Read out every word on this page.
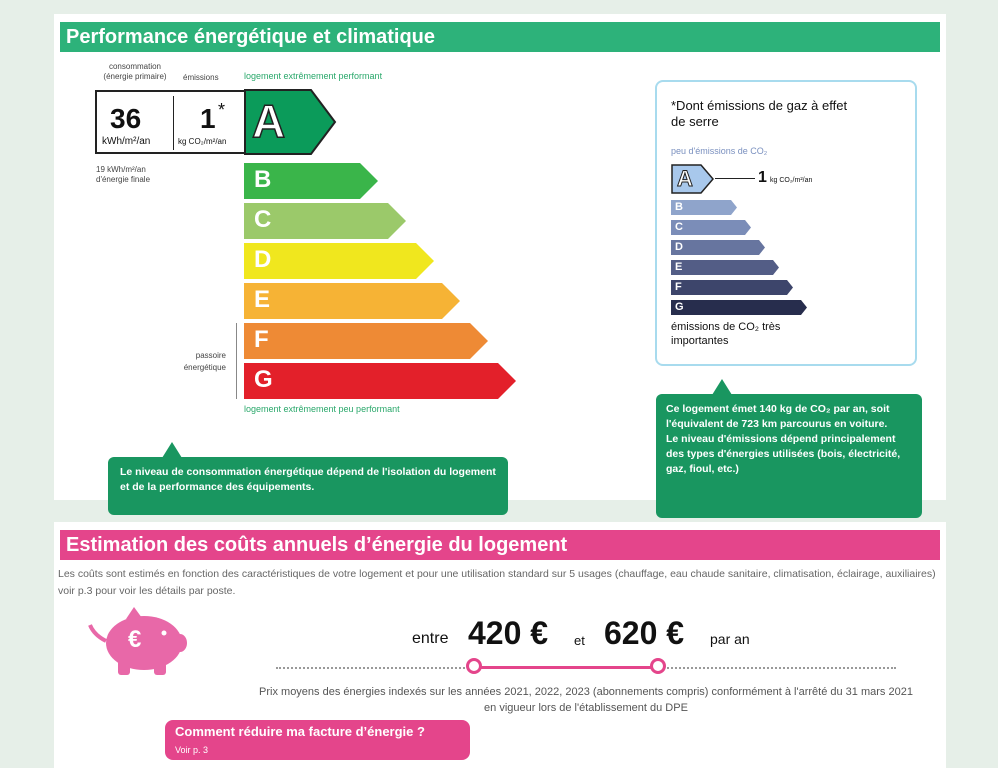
Performance énergétique et climatique
consommation (énergie primaire)	émissions	logement extrêmement performant
36
kWh/m²/an
1 *
kg CO₂/m²/an A
19 kWh/m²/an d'énergie finale	B
C
D
E
F
G
passoire énergétique
logement extrêmement peu performant
Le niveau de consommation énergétique dépend de l'isolation du logement et de la performance des équipements.
*Dont émissions de gaz à effet de serre
peu d'émissions de CO₂
A	1 kg CO₂/m²/an
B
C
D
E
F
G
émissions de CO₂ très importantes
Ce logement émet 140 kg de CO₂ par an, soit l'équivalent de 723 km parcourus en voiture.
Le niveau d'émissions dépend principalement des types d'énergies utilisées (bois, électricité, gaz, fioul, etc.)
Estimation des coûts annuels d’énergie du logement
Les coûts sont estimés en fonction des caractéristiques de votre logement et pour une utilisation standard sur 5 usages (chauffage, eau chaude sanitaire, climatisation, éclairage, auxiliaires) voir p.3 pour voir les détails par poste.
€	entre 420 € et 620 € par an
Prix moyens des énergies indexés sur les années 2021, 2022, 2023 (abonnements compris) conformément à l'arrêté du 31 mars 2021 en vigueur lors de l'établissement du DPE
Comment réduire ma facture d’énergie ?
Voir p. 3
